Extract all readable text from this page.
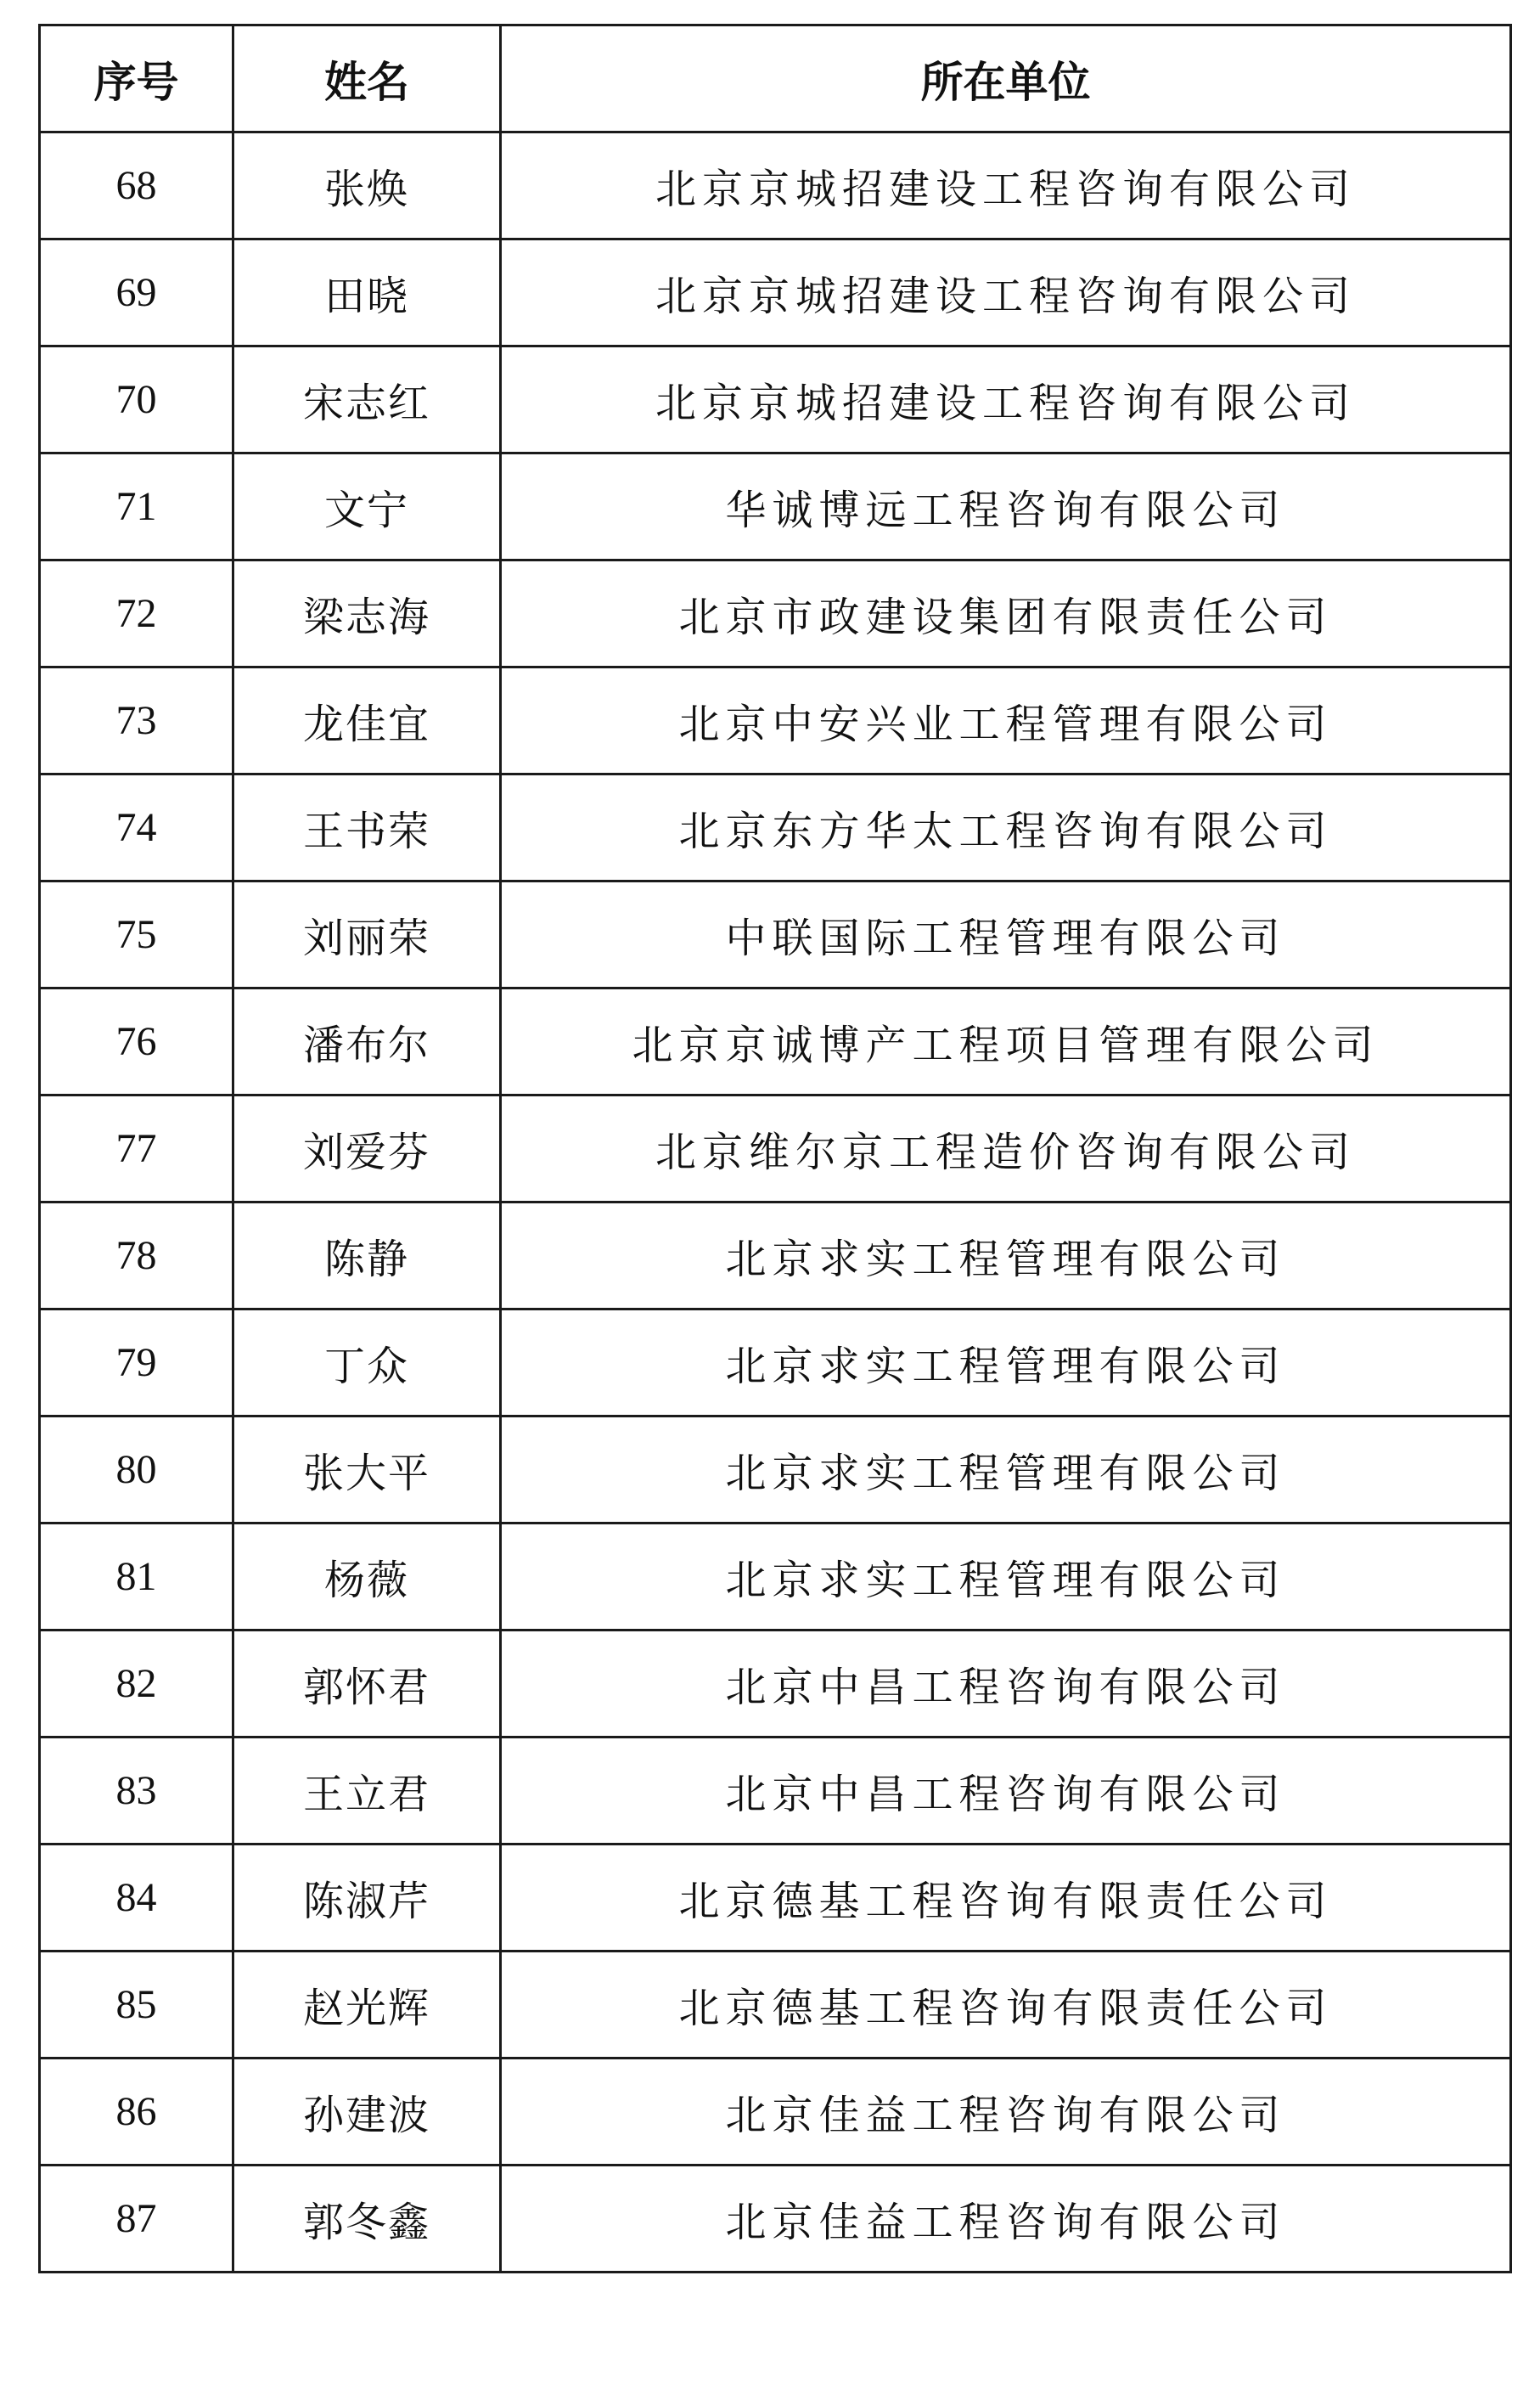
序号	姓名	所在单位
68	张焕	北京京城招建设工程咨询有限公司
69	田晓	北京京城招建设工程咨询有限公司
70	宋志红	北京京城招建设工程咨询有限公司
71	文宁	华诚博远工程咨询有限公司
72	梁志海	北京市政建设集团有限责任公司
73	龙佳宜	北京中安兴业工程管理有限公司
74	王书荣	北京东方华太工程咨询有限公司
75	刘丽荣	中联国际工程管理有限公司
76	潘布尔	北京京诚博产工程项目管理有限公司
77	刘爱芬	北京维尔京工程造价咨询有限公司
78	陈静	北京求实工程管理有限公司
79	丁众	北京求实工程管理有限公司
80	张大平	北京求实工程管理有限公司
81	杨薇	北京求实工程管理有限公司
82	郭怀君	北京中昌工程咨询有限公司
83	王立君	北京中昌工程咨询有限公司
84	陈淑芹	北京德基工程咨询有限责任公司
85	赵光辉	北京德基工程咨询有限责任公司
86	孙建波	北京佳益工程咨询有限公司
87	郭冬鑫	北京佳益工程咨询有限公司
